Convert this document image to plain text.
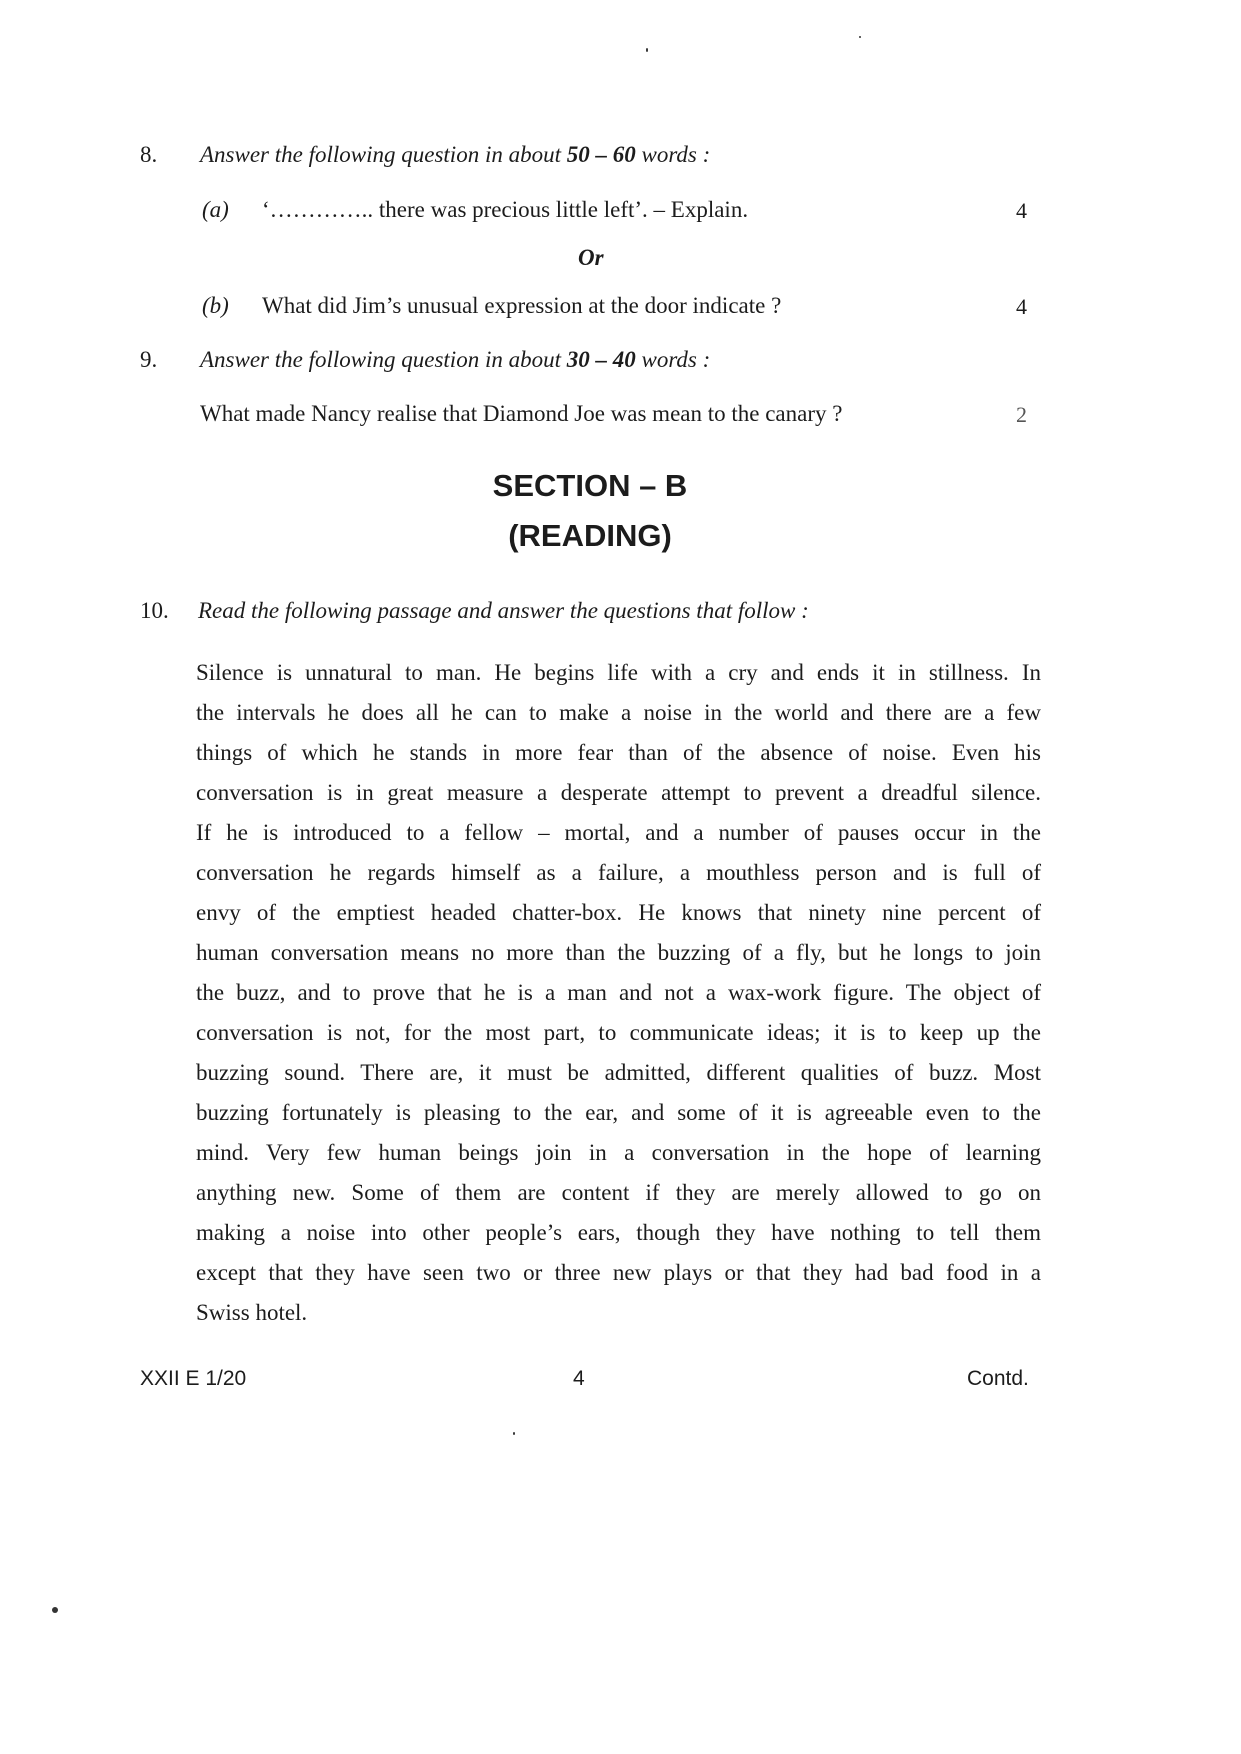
8. Answer the following question in about 50 – 60 words :
(a) ‘………….. there was precious little left’. – Explain.	4
Or
(b) What did Jim’s unusual expression at the door indicate ?	4
9. Answer the following question in about 30 – 40 words :
What made Nancy realise that Diamond Joe was mean to the canary ?	2
SECTION – B
(READING)
10. Read the following passage and answer the questions that follow :
Silence is unnatural to man. He begins life with a cry and ends it in stillness. In
the intervals he does all he can to make a noise in the world and there are a few
things of which he stands in more fear than of the absence of noise. Even his
conversation is in great measure a desperate attempt to prevent a dreadful silence.
If he is introduced to a fellow – mortal, and a number of pauses occur in the
conversation he regards himself as a failure, a mouthless person and is full of
envy of the emptiest headed chatter-box. He knows that ninety nine percent of
human conversation means no more than the buzzing of a fly, but he longs to join
the buzz, and to prove that he is a man and not a wax-work figure. The object of
conversation is not, for the most part, to communicate ideas; it is to keep up the
buzzing sound. There are, it must be admitted, different qualities of buzz. Most
buzzing fortunately is pleasing to the ear, and some of it is agreeable even to the
mind. Very few human beings join in a conversation in the hope of learning
anything new. Some of them are content if they are merely allowed to go on
making a noise into other people’s ears, though they have nothing to tell them
except that they have seen two or three new plays or that they had bad food in a
Swiss hotel.
XXII E 1/20	4	Contd.
